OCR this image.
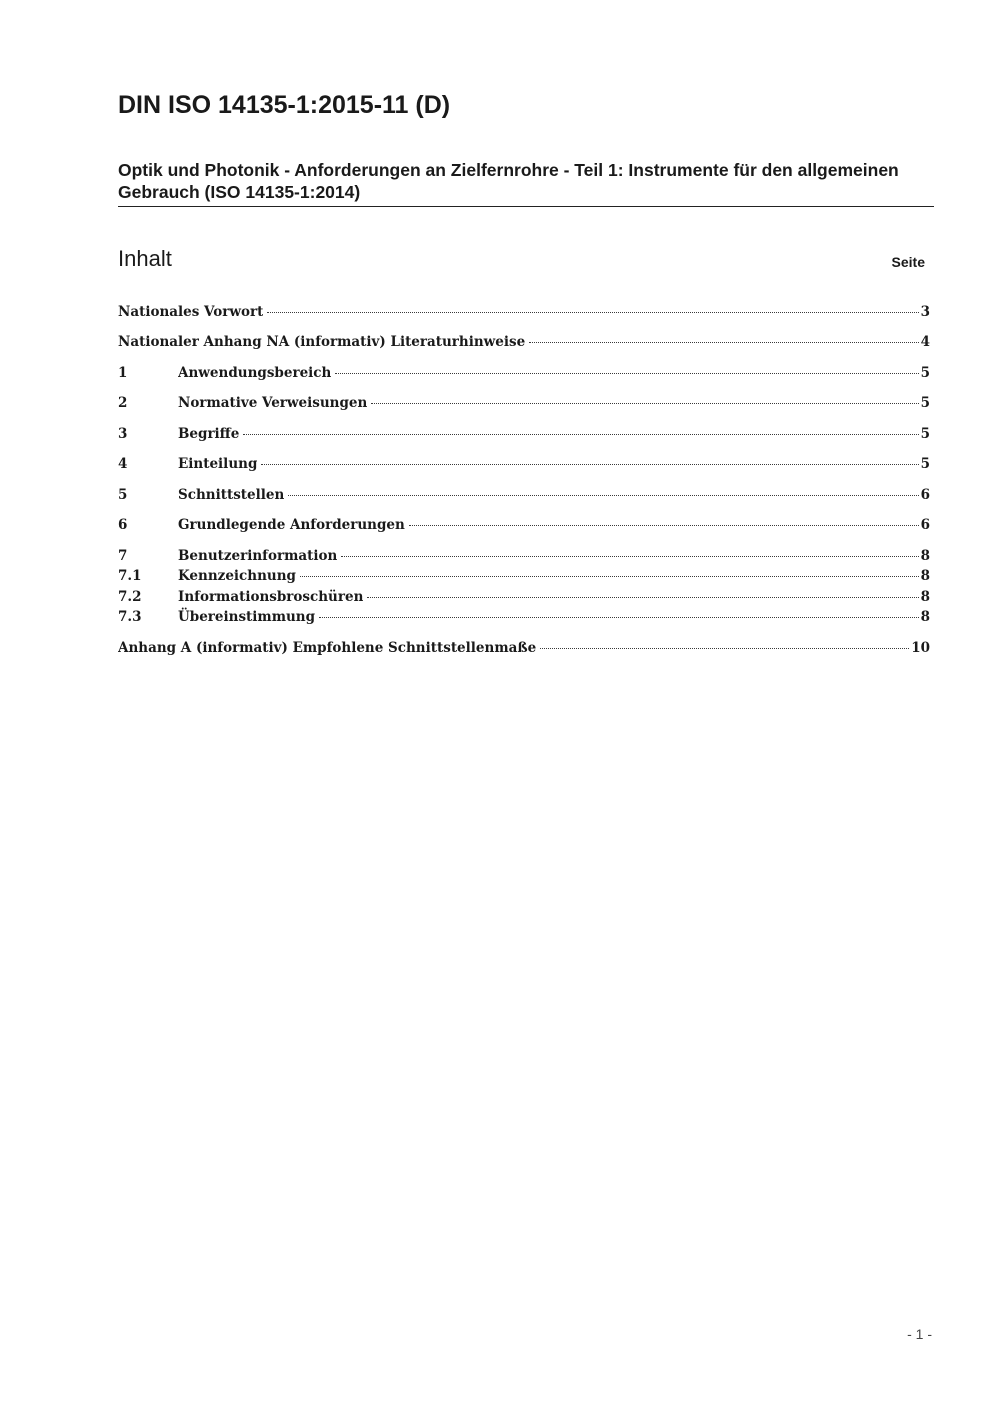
DIN ISO 14135-1:2015-11 (D)
Optik und Photonik - Anforderungen an Zielfernrohre - Teil 1: Instrumente für den allgemeinen Gebrauch (ISO 14135-1:2014)
Inhalt	Seite
Nationales Vorwort	3
Nationaler Anhang NA (informativ) Literaturhinweise	4
1	Anwendungsbereich	5
2	Normative Verweisungen	5
3	Begriffe	5
4	Einteilung	5
5	Schnittstellen	6
6	Grundlegende Anforderungen	6
7	Benutzerinformation	8
7.1	Kennzeichnung	8
7.2	Informationsbroschüren	8
7.3	Übereinstimmung	8
Anhang A (informativ) Empfohlene Schnittstellenmaße	10
- 1 -
